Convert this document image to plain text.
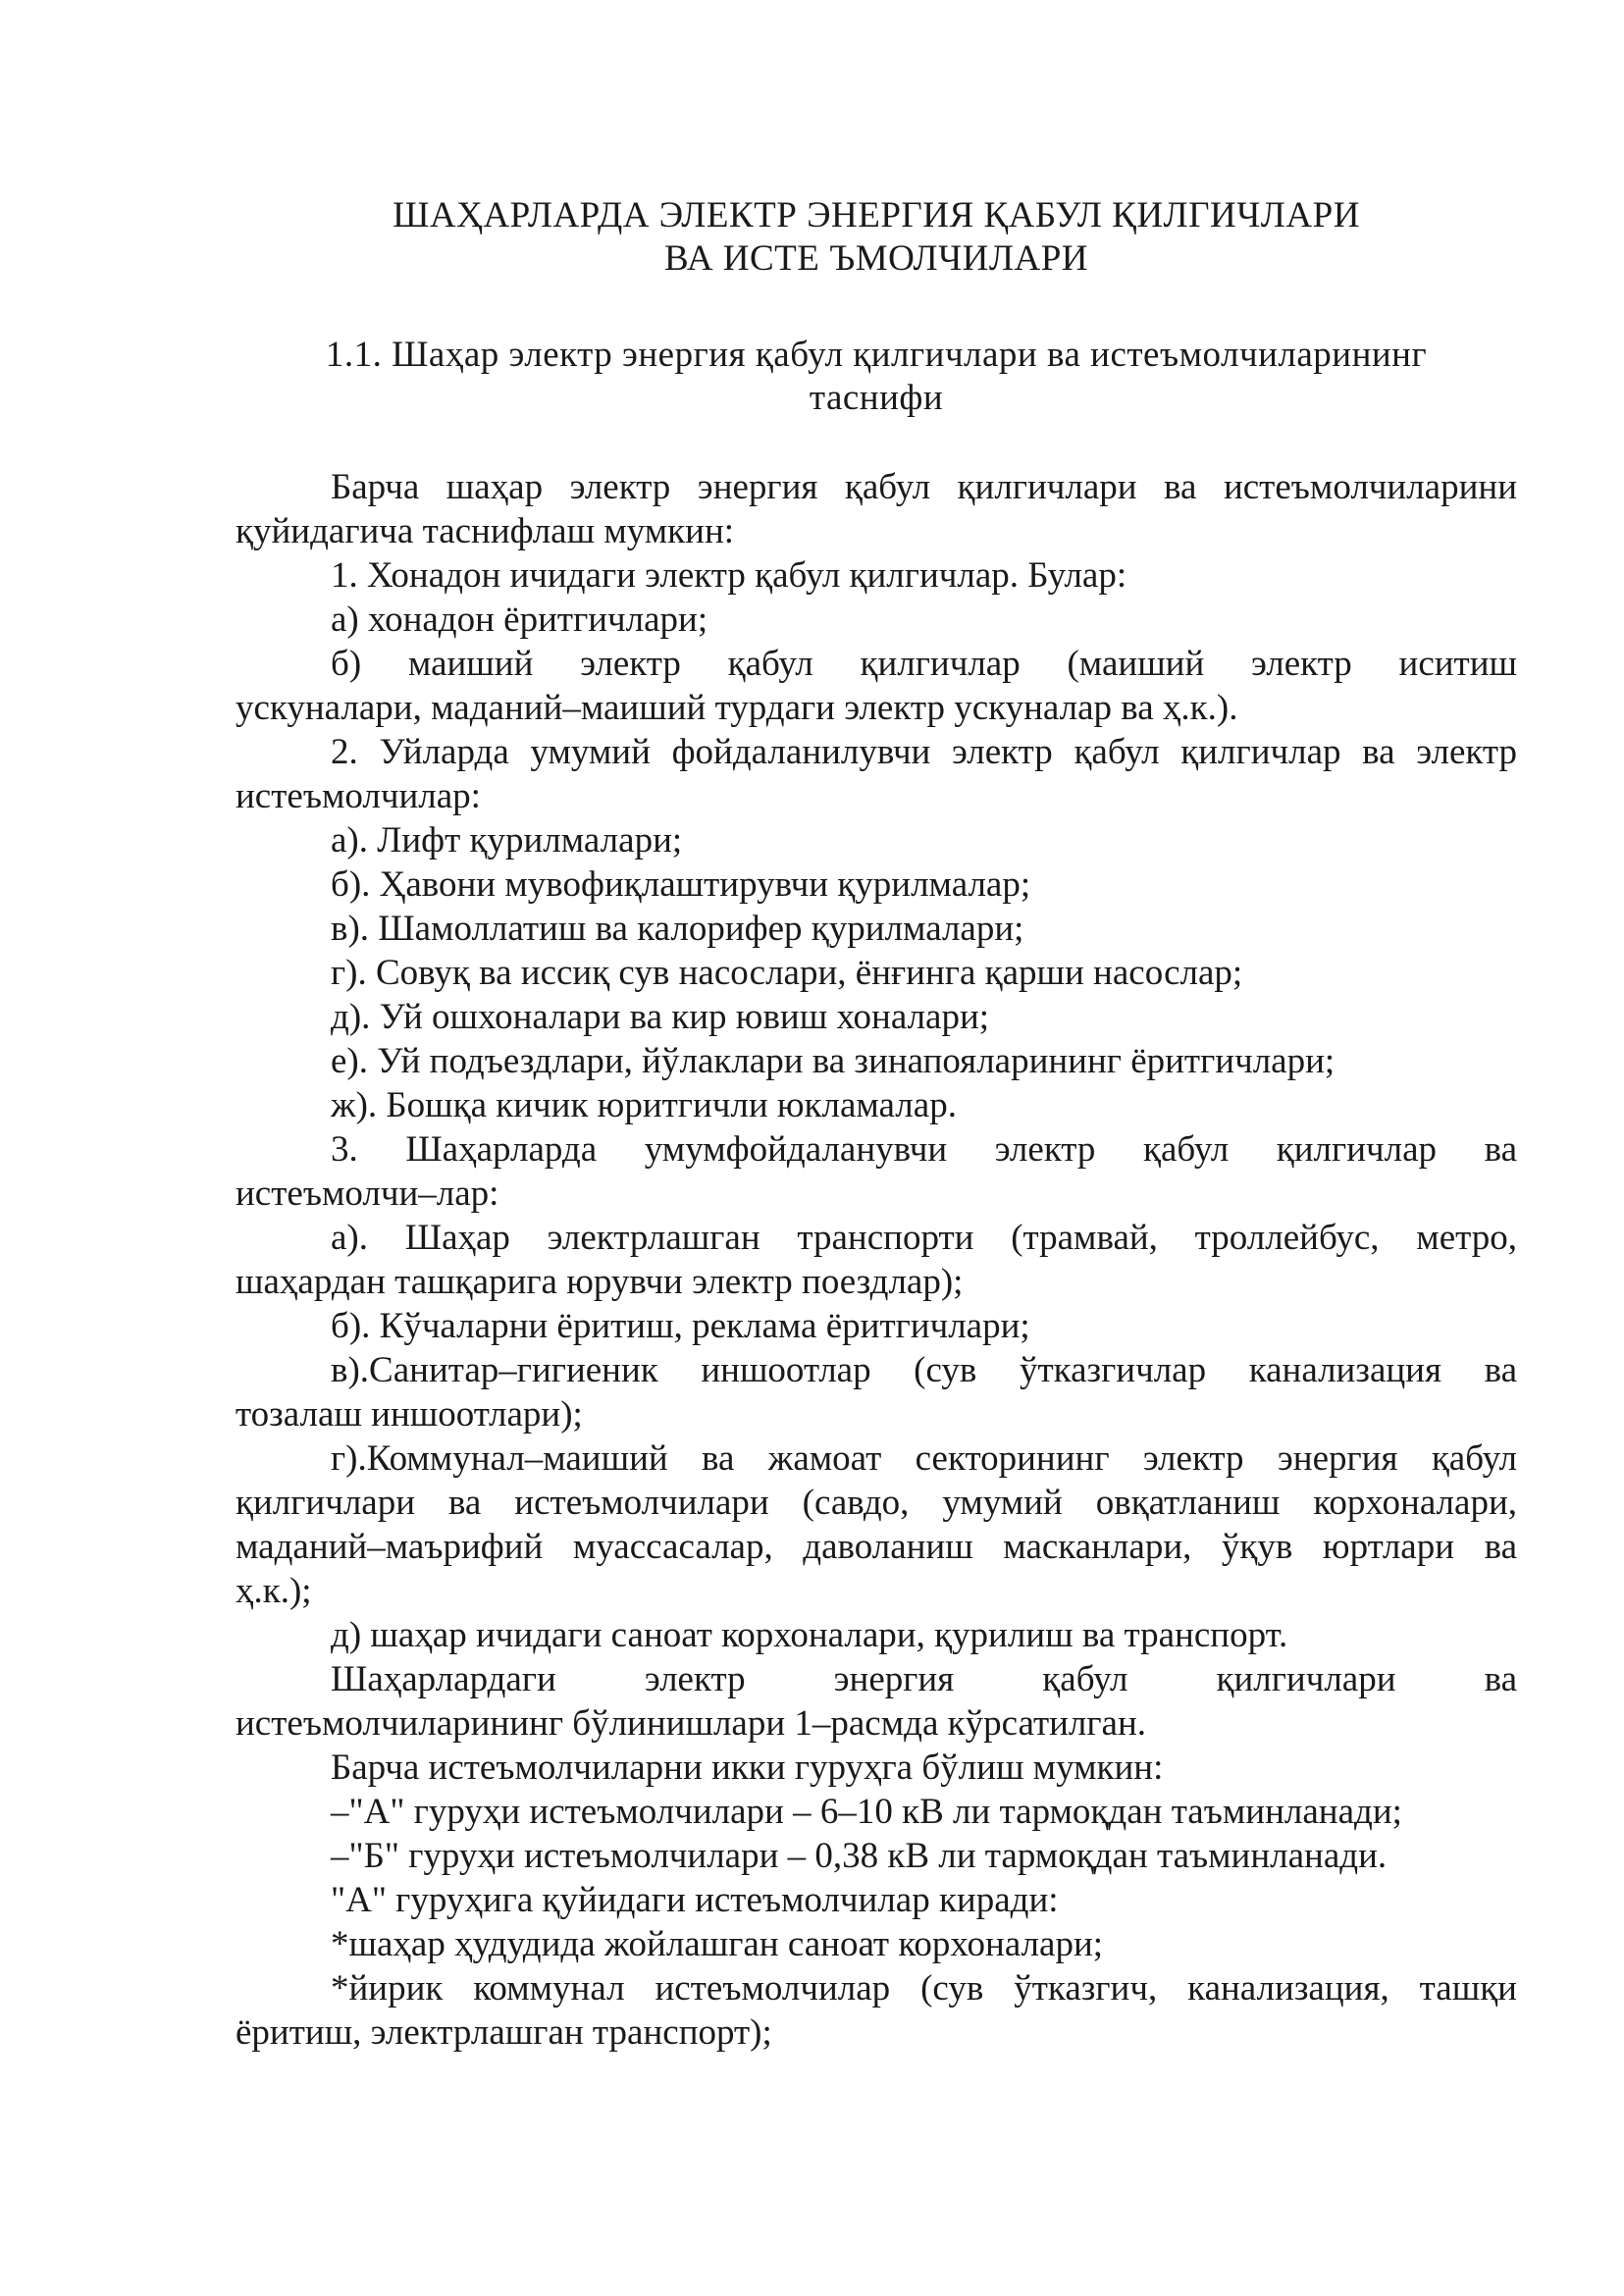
ШАҲАРЛАРДА ЭЛЕКТР ЭНЕРГИЯ ҚАБУЛ ҚИЛГИЧЛАРИ
ВА ИСТЕ ЪМОЛЧИЛАРИ
1.1. Шаҳар электр энергия қабул қилгичлари ва истеъмолчиларининг
таснифи
Барча шаҳар электр энергия қабул қилгичлари ва истеъмолчиларини
қуйидагича таснифлаш мумкин:
1. Хонадон ичидаги электр қабул қилгичлар. Булар:
а) хонадон ёритгичлари;
б) маиший электр қабул қилгичлар (маиший электр иситиш
ускуналари, маданий–маиший турдаги электр ускуналар ва ҳ.к.).
2. Уйларда умумий фойдаланилувчи электр қабул қилгичлар ва электр
истеъмолчилар:
а). Лифт қурилмалари;
б). Ҳавони мувофиқлаштирувчи қурилмалар;
в). Шамоллатиш ва калорифер қурилмалари;
г). Совуқ ва иссиқ сув насослари, ёнғинга қарши насослар;
д). Уй ошхоналари ва кир ювиш хоналари;
е). Уй подъездлари, йўлаклари ва зинапояларининг ёритгичлари;
ж). Бошқа кичик юритгичли юкламалар.
3. Шаҳарларда умумфойдаланувчи электр қабул қилгичлар ва
истеъмолчи–лар:
а). Шаҳар электрлашган транспорти (трамвай, троллейбус, метро,
шаҳардан ташқарига юрувчи электр поездлар);
б). Кўчаларни ёритиш, реклама ёритгичлари;
в).Санитар–гигиеник иншоотлар (сув ўтказгичлар канализация ва
тозалаш иншоотлари);
г).Коммунал–маиший ва жамоат секторининг электр энергия қабул
қилгичлари ва истеъмолчилари (савдо, умумий овқатланиш корхоналари,
маданий–маърифий муассасалар, даволаниш масканлари, ўқув юртлари ва
ҳ.к.);
д) шаҳар ичидаги саноат корхоналари, қурилиш ва транспорт.
Шаҳарлардаги электр энергия қабул қилгичлари ва
истеъмолчиларининг бўлинишлари 1–расмда кўрсатилган.
Барча истеъмолчиларни икки гуруҳга бўлиш мумкин:
–"А" гуруҳи истеъмолчилари – 6–10 кВ ли тармоқдан таъминланади;
–"Б" гуруҳи истеъмолчилари – 0,38 кВ ли тармоқдан таъминланади.
"А" гуруҳига қуйидаги истеъмолчилар киради:
*шаҳар ҳудудида жойлашган саноат корхоналари;
*йирик коммунал истеъмолчилар (сув ўтказгич, канализация, ташқи
ёритиш, электрлашган транспорт);
